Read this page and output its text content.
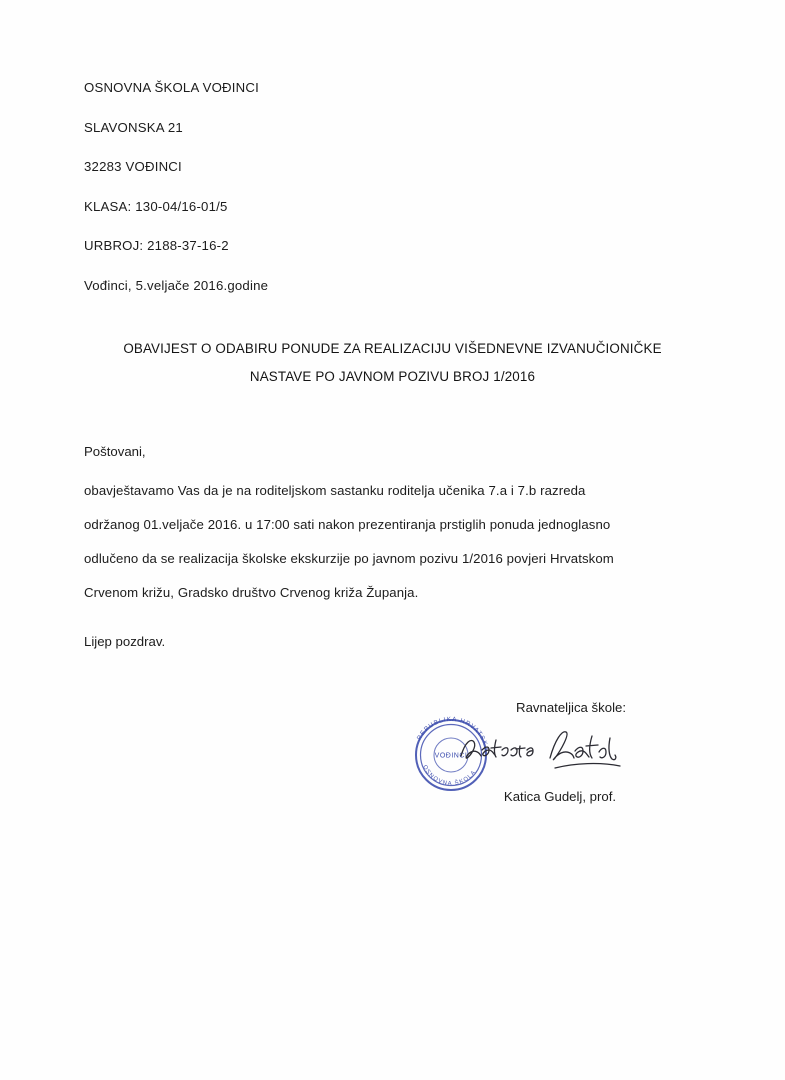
OSNOVNA ŠKOLA VOĐINCI
SLAVONSKA 21
32283 VOĐINCI
KLASA: 130-04/16-01/5
URBROJ: 2188-37-16-2
Vođinci, 5.veljače 2016.godine
OBAVIJEST O ODABIRU PONUDE ZA REALIZACIJU VIŠEDNEVNE IZVANUČIONIČKE
NASTAVE PO JAVNOM POZIVU BROJ 1/2016
Poštovani,
obavještavamo Vas da je na roditeljskom sastanku roditelja učenika 7.a i 7.b razreda
održanog 01.veljače 2016. u 17:00 sati nakon prezentiranja prstiglih ponuda jednoglasno
odlučeno da se realizacija školske ekskurzije po javnom pozivu 1/2016 povjeri Hrvatskom
Crvenom križu, Gradsko društvo Crvenog križa Županja.
Lijep pozdrav.
Ravnateljica škole:
Katica Gudelj, prof.
REPUBLIKA HRVATSKA
OSNOVNA ŠKOLA
VOĐINCI
